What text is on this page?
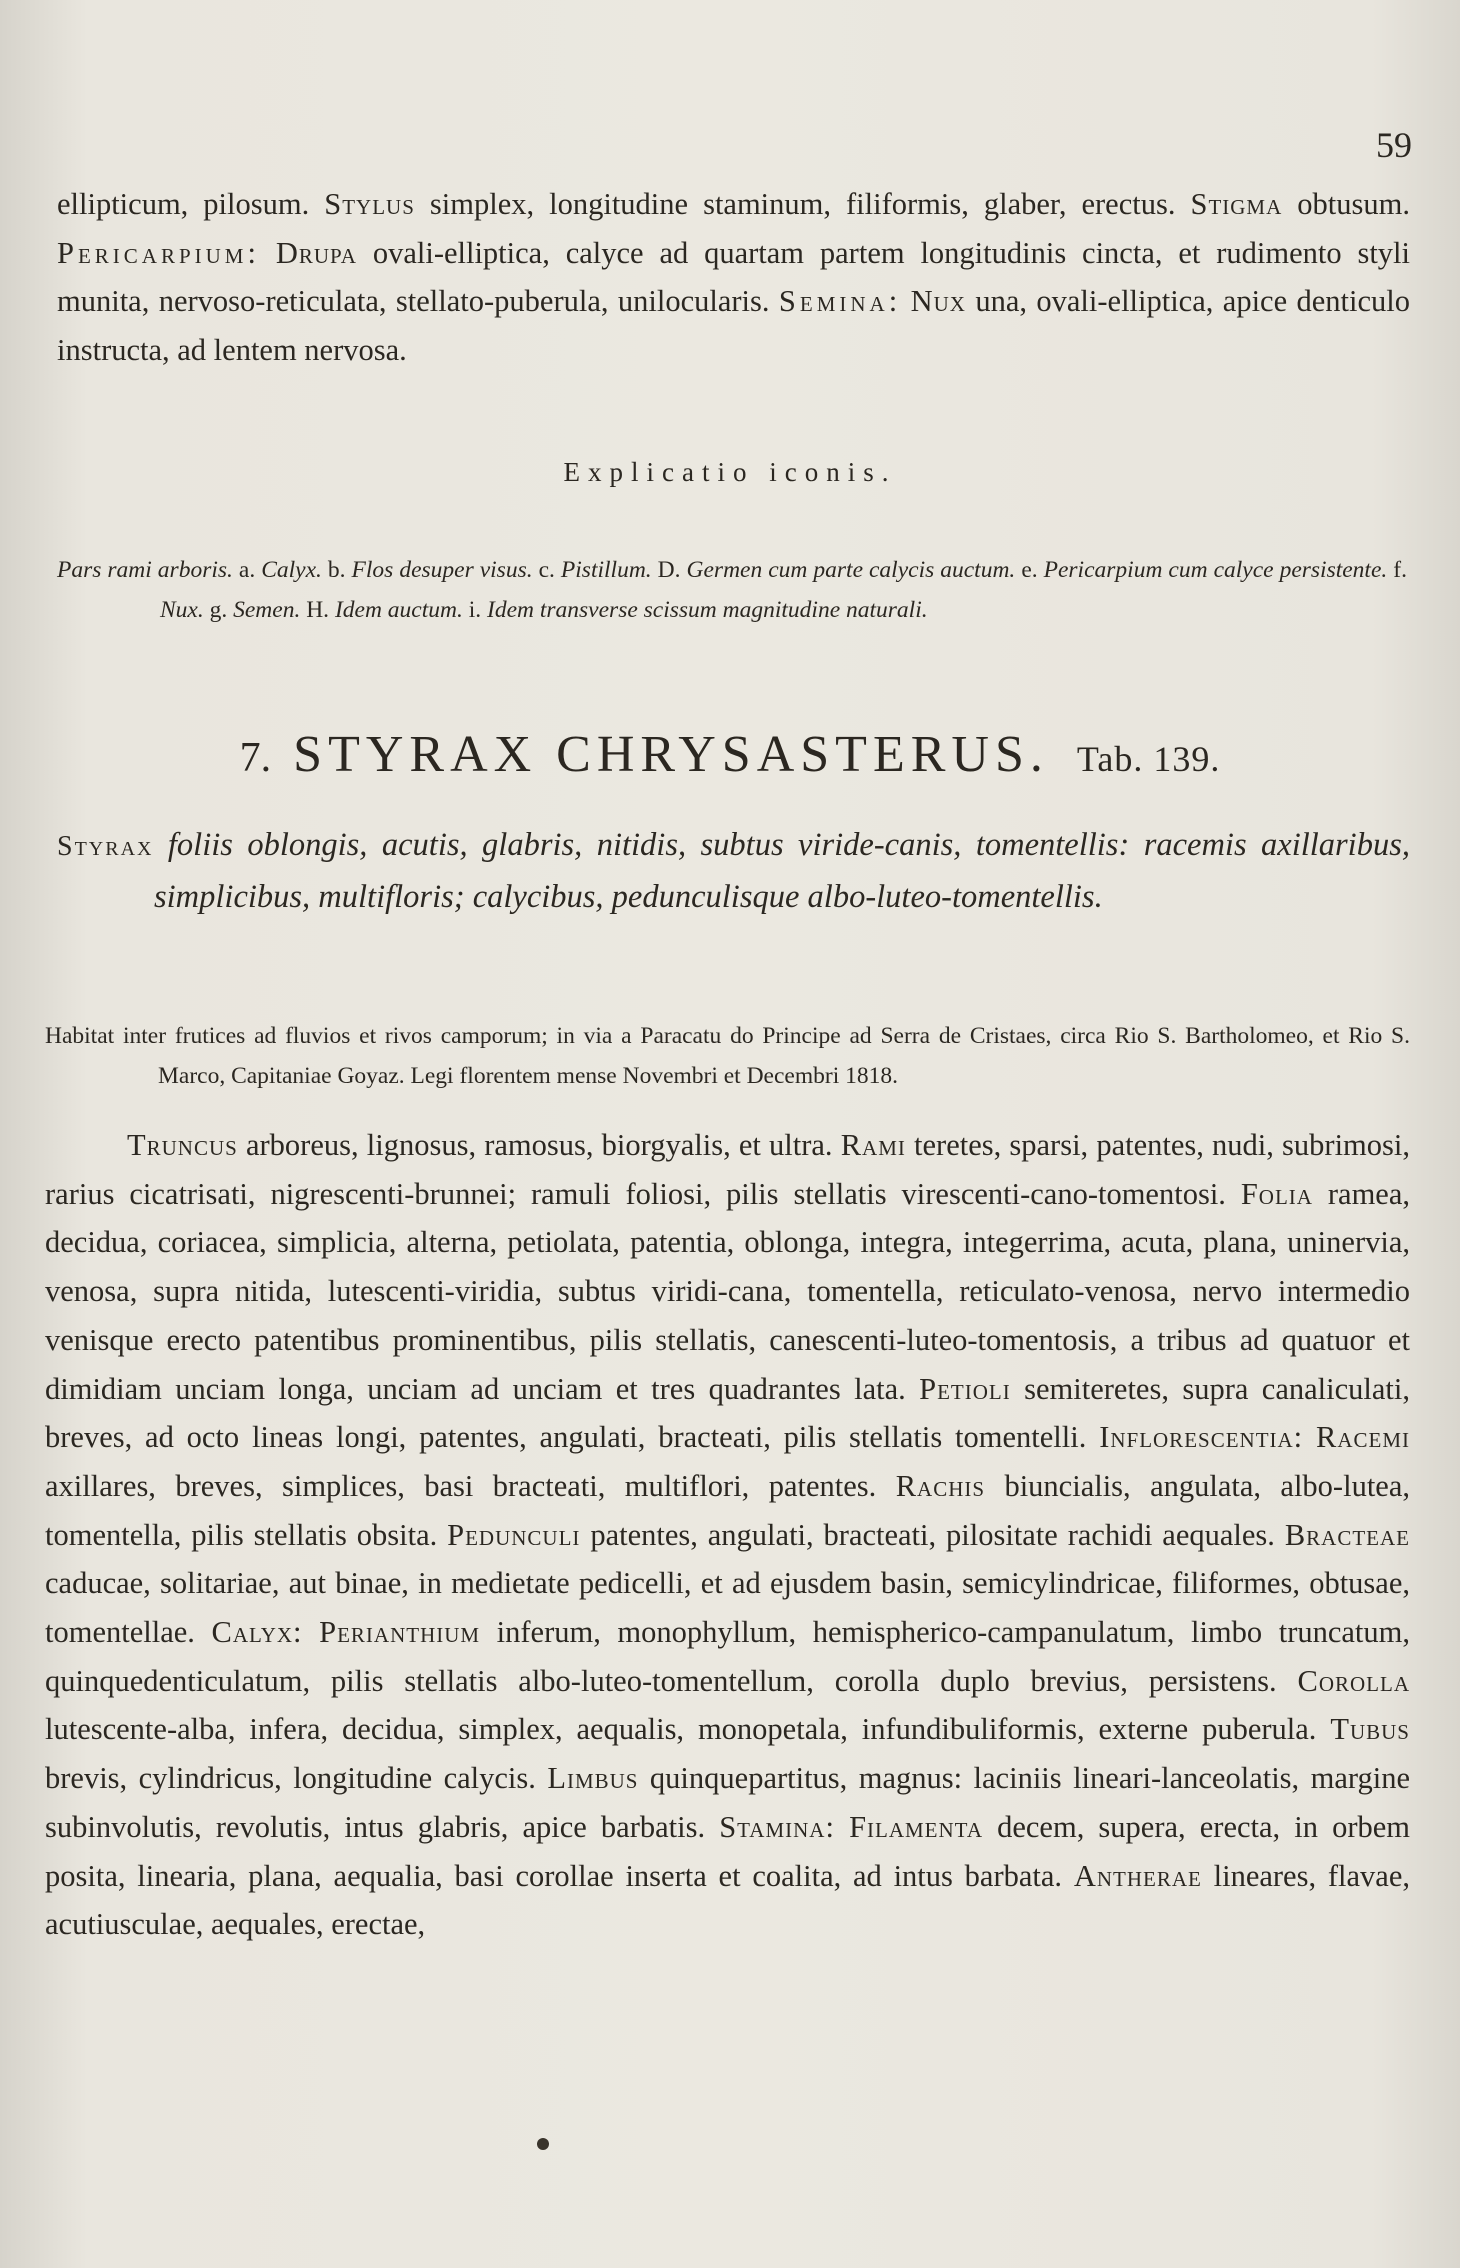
59

ellipticum, pilosum. Stylus simplex, longitudine staminum, filiformis, glaber, erectus. Stigma obtusum. Pericarpium: Drupa ovali-elliptica, calyce ad quartam partem longitudinis cincta, et rudimento styli munita, nervoso-reticulata, stellato-puberula, unilocularis. Semina: Nux una, ovali-elliptica, apice denticulo instructa, ad lentem nervosa.

Explicatio iconis.

Pars rami arboris. a. Calyx. b. Flos desuper visus. c. Pistillum. D. Germen cum parte calycis auctum. e. Pericarpium cum calyce persistente. f. Nux. g. Semen. H. Idem auctum. i. Idem transverse scissum magnitudine naturali.

7. STYRAX CHRYSASTERUS. Tab. 139.

Styrax foliis oblongis, acutis, glabris, nitidis, subtus viride-canis, tomentellis: racemis axillaribus, simplicibus, multifloris; calycibus, pedunculisque albo-luteo-tomentellis.

Habitat inter frutices ad fluvios et rivos camporum; in via a Paracatu do Principe ad Serra de Cristaes, circa Rio S. Bartholomeo, et Rio S. Marco, Capitaniae Goyaz. Legi florentem mense Novembri et Decembri 1818.

Truncus arboreus, lignosus, ramosus, biorgyalis, et ultra. Rami teretes, sparsi, patentes, nudi, subrimosi, rarius cicatrisati, nigrescenti-brunnei; ramuli foliosi, pilis stellatis virescenti-cano-tomentosi. Folia ramea, decidua, coriacea, simplicia, alterna, petiolata, patentia, oblonga, integra, integerrima, acuta, plana, uninervia, venosa, supra nitida, lutescenti-viridia, subtus viridi-cana, tomentella, reticulato-venosa, nervo intermedio venisque erecto patentibus prominentibus, pilis stellatis, canescenti-luteo-tomentosis, a tribus ad quatuor et dimidiam unciam longa, unciam ad unciam et tres quadrantes lata. Petioli semiteretes, supra canaliculati, breves, ad octo lineas longi, patentes, angulati, bracteati, pilis stellatis tomentelli. Inflorescentia: Racemi axillares, breves, simplices, basi bracteati, multiflori, patentes. Rachis biuncialis, angulata, albo-lutea, tomentella, pilis stellatis obsita. Pedunculi patentes, angulati, bracteati, pilositate rachidi aequales. Bracteae caducae, solitariae, aut binae, in medietate pedicelli, et ad ejusdem basin, semicylindricae, filiformes, obtusae, tomentellae. Calyx: Perianthium inferum, monophyllum, hemispherico-campanulatum, limbo truncatum, quinquedenticulatum, pilis stellatis albo-luteo-tomentellum, corolla duplo brevius, persistens. Corolla lutescente-alba, infera, decidua, simplex, aequalis, monopetala, infundibuliformis, externe puberula. Tubus brevis, cylindricus, longitudine calycis. Limbus quinquepartitus, magnus: laciniis lineari-lanceolatis, margine subinvolutis, revolutis, intus glabris, apice barbatis. Stamina: Filamenta decem, supera, erecta, in orbem posita, linearia, plana, aequalia, basi corollae inserta et coalita, ad intus barbata. Antherae lineares, flavae, acutiusculae, aequales, erectae,
